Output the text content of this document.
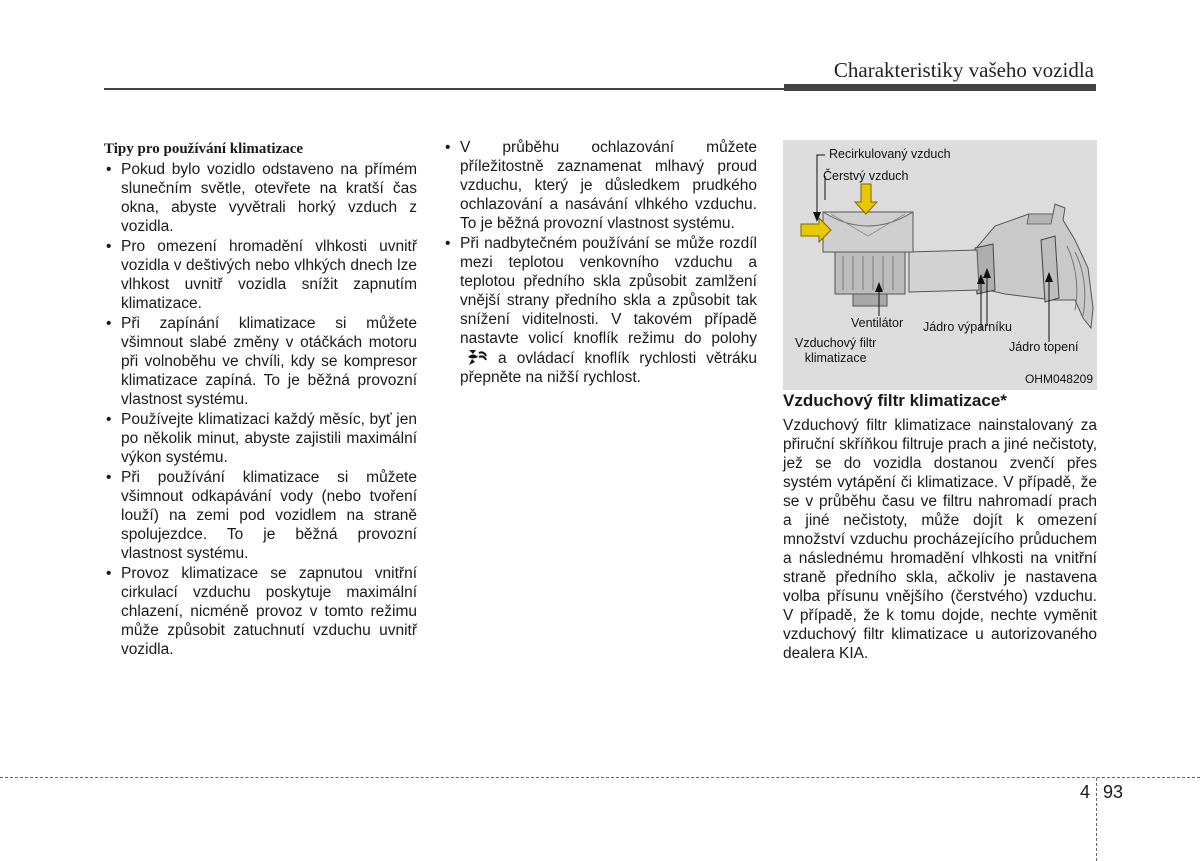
Charakteristiky vašeho vozidla
Tipy pro používání klimatizace
• Pokud bylo vozidlo odstaveno na přímém slunečním světle, otevřete na kratší čas okna, abyste vyvětrali horký vzduch z vozidla.
• Pro omezení hromadění vlhkosti uvnitř vozidla v deštivých nebo vlhkých dnech lze vlhkost uvnitř vozidla snížit zapnutím klimatizace.
• Při zapínání klimatizace si můžete všimnout slabé změny v otáčkách motoru při volnoběhu ve chvíli, kdy se kompresor klimatizace zapíná. To je běžná provozní vlastnost systému.
• Používejte klimatizaci každý měsíc, byť jen po několik minut, abyste zajistili maximální výkon systému.
• Při používání klimatizace si můžete všimnout odkapávání vody (nebo tvoření louží) na zemi pod vozidlem na straně spolujezdce. To je běžná provozní vlastnost systému.
• Provoz klimatizace se zapnutou vnitřní cirkulací vzduchu poskytuje maximální chlazení, nicméně provoz v tomto režimu může způsobit zatuchnutí vzduchu uvnitř vozidla.
• V průběhu ochlazování můžete příležitostně zaznamenat mlhavý proud vzduchu, který je důsledkem prudkého ochlazování a nasávání vlhkého vzduchu. To je běžná provozní vlastnost systému.
• Při nadbytečném používání se může rozdíl mezi teplotou venkovního vzduchu a teplotou předního skla způsobit zamlžení vnější strany předního skla a způsobit tak snížení viditelnosti. V takovém případě nastavte volicí knoflík režimu do polohy a ovládací knoflík rychlosti větráku přepněte na nižší rychlost.
Recirkulovaný vzduch
Čerstvý vzduch
Ventilátor
Vzduchový filtr
klimatizace
Jádro výparníku
Jádro topení
OHM048209
Vzduchový filtr klimatizace*

Vzduchový filtr klimatizace nainstalovaný za přiruční skříňkou filtruje prach a jiné nečistoty, jež se do vozidla dostanou zvenčí přes systém vytápění či klimatizace. V případě, že se v průběhu času ve filtru nahromadí prach a jiné nečistoty, může dojít k omezení množství vzduchu procházejícího průduchem a následnému hromadění vlhkosti na vnitřní straně předního skla, ačkoliv je nastavena volba přísunu vnějšího (čerstvého) vzduchu. V případě, že k tomu dojde, nechte vyměnit vzduchový filtr klimatizace u autorizovaného dealera KIA.

4 93
